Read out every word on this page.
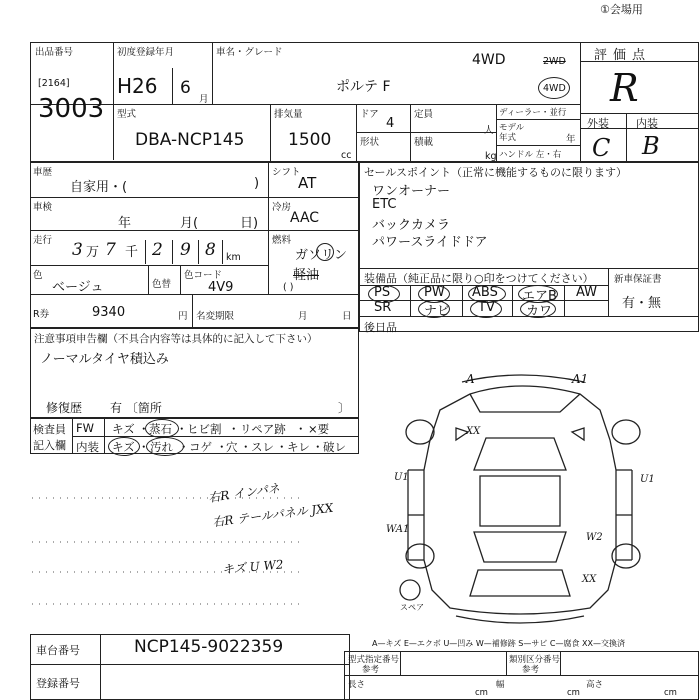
①会場用
出品番号
[2164]
3003
初度登録年月
H26 6
月
車名・グレード
ポルテ F
4WD	2WD
4WD
評価点
R
外装 内装
C B
型式
DBA-NCP145
排気量
1500
cc
ドア
4
定員
人
形状	積載
kg
ディーラー・並行
モデル
年式	年
ハンドル 左・右
車歴
自家用・(	)
シフト
AT
車検
年	月(	日)
冷房
AAC
走行 3 万 7 千 2 9 8 km
燃料
ガソリン
軽油
( )
色
ベージュ	色替
色コード
4V9
R券	9340	円 名変期限	月	日
セールスポイント（正常に機能するものに限ります）
ワンオーナー
ETC
バックカメラ
パワースライドドア
装備品（純正品に限り○印をつけてください） 新車保証書
有・無
PS	PW ABS エアB AW
SR	ナビ TV カワ
後日品
注意事項申告欄（不具合内容等は具体的に記入して下さい）
ノーマルタイヤ積込み
修復歴 有 〔箇所	〕
検査員
記入欄
FW キズ ・ 蒸石 ・ ヒビ割 ・ リペア跡 ・ ×要
内装 キズ ・ 汚れ ・ コゲ ・
穴 ・ スレ ・ キレ ・ 破レ
右R インパネ
右R テールパネル JXX
キズ U W2
A	A1
XX
U1	U1
WA1
W2
XX
スペア
A—キズ E—エクボ U—凹み W—補修跡 S—サビ C—腐食 XX—交換済
車台番号	NCP145-9022359
登録番号
型式指定番号
参考
類別区分番号
参考
長さ
cm
幅
cm
高さ
cm
